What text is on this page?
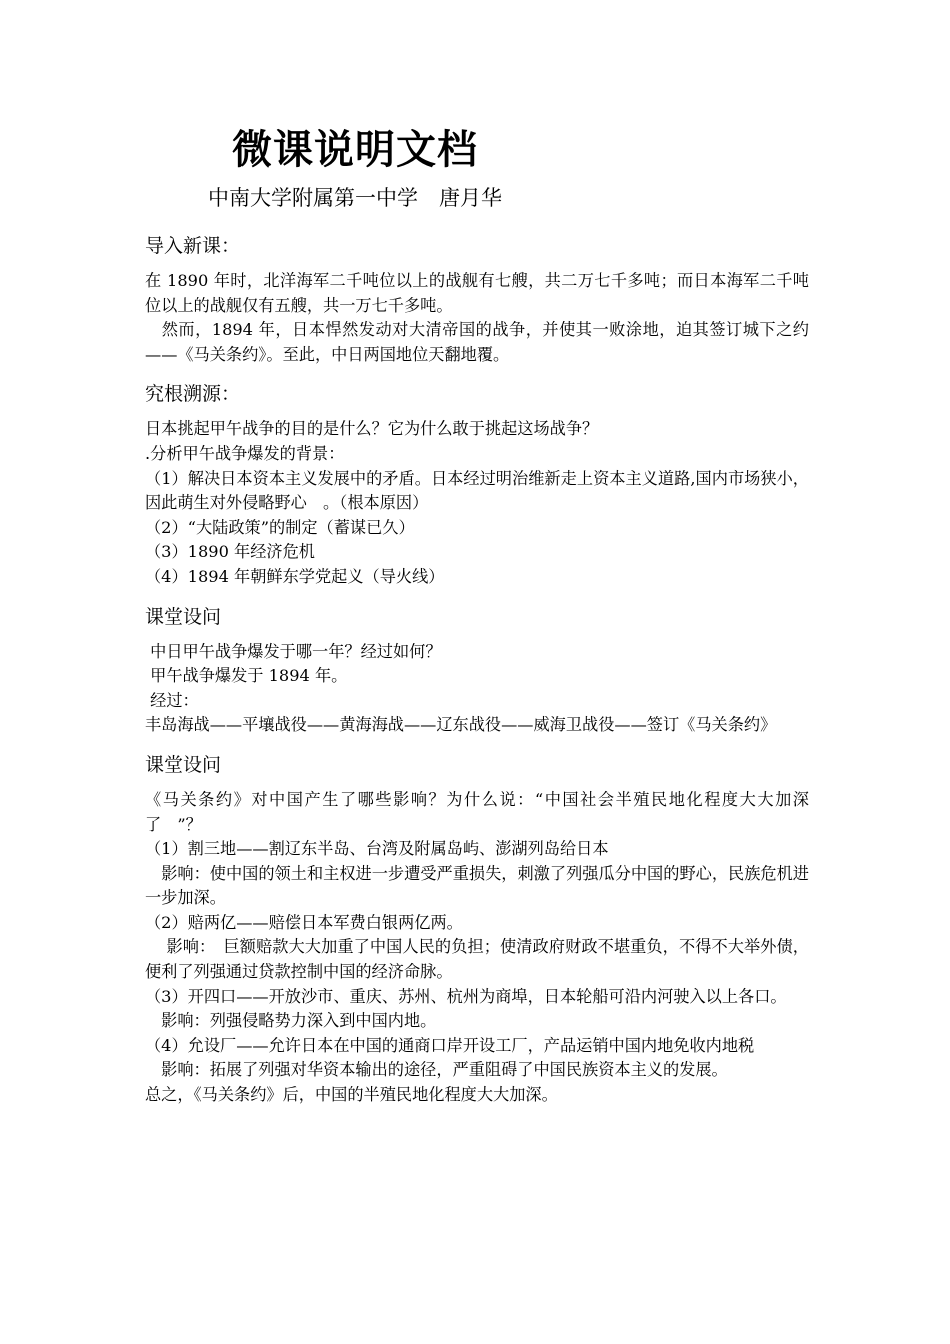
微课说明文档
中南大学附属第一中学　唐月华
导入新课：

在 1890 年时，北洋海军二千吨位以上的战舰有七艘，共二万七千多吨；而日本海军二千吨位以上的战舰仅有五艘，共一万七千多吨。

　然而，1894 年，日本悍然发动对大清帝国的战争，并使其一败涂地，迫其签订城下之约——《马关条约》。至此，中日两国地位天翻地覆。

究根溯源：

日本挑起甲午战争的目的是什么？它为什么敢于挑起这场战争？

.分析甲午战争爆发的背景：

（1）解决日本资本主义发展中的矛盾。日本经过明治维新走上资本主义道路,国内市场狭小，因此萌生对外侵略野心　。（根本原因）

（2）“大陆政策”的制定（蓄谋已久）

（3）1890 年经济危机

（4）1894 年朝鲜东学党起义（导火线）

课堂设问

中日甲午战争爆发于哪一年？经过如何？

甲午战争爆发于 1894 年。

经过：

丰岛海战——平壤战役——黄海海战——辽东战役——威海卫战役——签订《马关条约》

课堂设问

《马关条约》对中国产生了哪些影响？为什么说：“中国社会半殖民地化程度大大加深了　”？

（1）割三地——割辽东半岛、台湾及附属岛屿、澎湖列岛给日本

　影响：使中国的领土和主权进一步遭受严重损失，刺激了列强瓜分中国的野心，民族危机进一步加深。

（2）赔两亿——赔偿日本军费白银两亿两。

　 影响：　巨额赔款大大加重了中国人民的负担；使清政府财政不堪重负，不得不大举外债，便利了列强通过贷款控制中国的经济命脉。

（3）开四口——开放沙市、重庆、苏州、杭州为商埠，日本轮船可沿内河驶入以上各口。

　影响：列强侵略势力深入到中国内地。

（4）允设厂——允许日本在中国的通商口岸开设工厂，产品运销中国内地免收内地税

　影响：拓展了列强对华资本输出的途径，严重阻碍了中国民族资本主义的发展。

总之，《马关条约》后，中国的半殖民地化程度大大加深。
